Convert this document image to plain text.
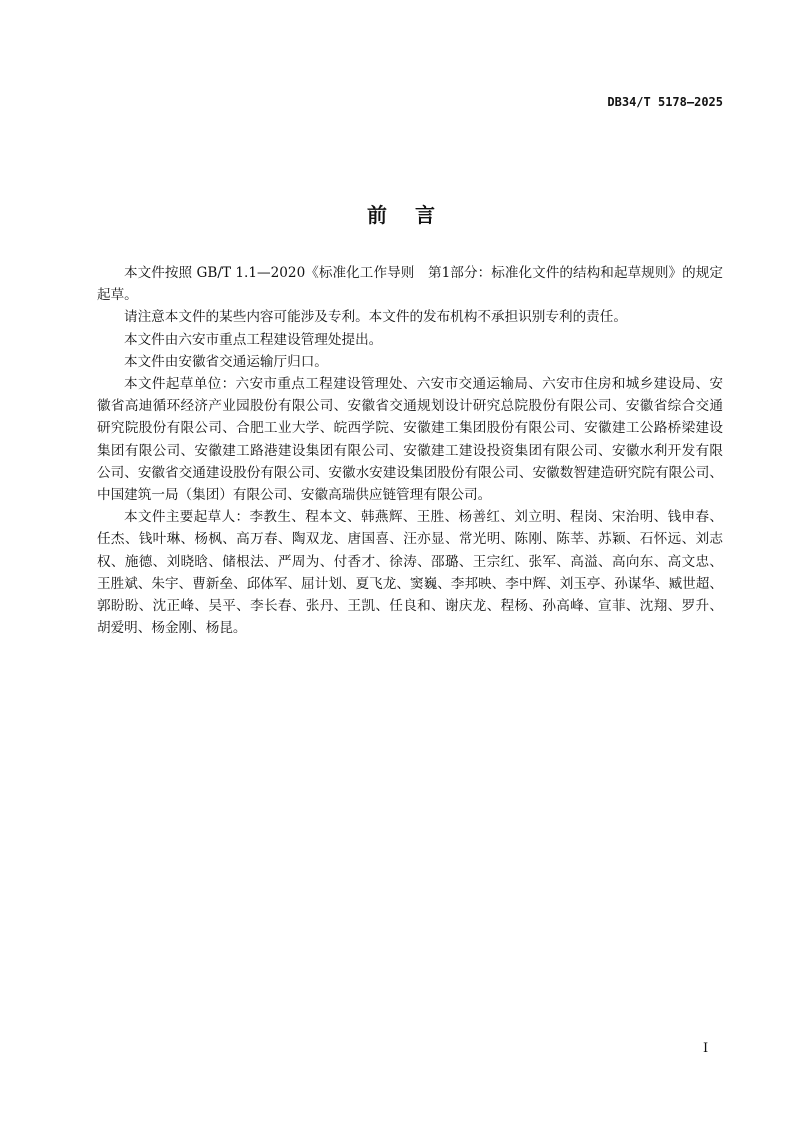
DB34/T 5178—2025
前言
本文件按照 GB/T 1.1—2020《标准化工作导则　第1部分：标准化文件的结构和起草规则》的规定
起草。
请注意本文件的某些内容可能涉及专利。本文件的发布机构不承担识别专利的责任。
本文件由六安市重点工程建设管理处提出。
本文件由安徽省交通运输厅归口。
本文件起草单位：六安市重点工程建设管理处、六安市交通运输局、六安市住房和城乡建设局、安
徽省高迪循环经济产业园股份有限公司、安徽省交通规划设计研究总院股份有限公司、安徽省综合交通
研究院股份有限公司、合肥工业大学、皖西学院、安徽建工集团股份有限公司、安徽建工公路桥梁建设
集团有限公司、安徽建工路港建设集团有限公司、安徽建工建设投资集团有限公司、安徽水利开发有限
公司、安徽省交通建设股份有限公司、安徽水安建设集团股份有限公司、安徽数智建造研究院有限公司、
中国建筑一局（集团）有限公司、安徽高瑞供应链管理有限公司。
本文件主要起草人：李教生、程本文、韩燕辉、王胜、杨善红、刘立明、程岗、宋治明、钱申春、
任杰、钱叶琳、杨枫、高万春、陶双龙、唐国喜、汪亦显、常光明、陈刚、陈莘、苏颖、石怀远、刘志
权、施德、刘晓晗、储根法、严周为、付香才、徐涛、邵璐、王宗红、张军、高溢、高向东、高文忠、
王胜斌、朱宇、曹新垒、邱体军、屈计划、夏飞龙、窦巍、李邦映、李中辉、刘玉亭、孙谋华、臧世超、
郭盼盼、沈正峰、吴平、李长春、张丹、王凯、任良和、谢庆龙、程杨、孙高峰、宣菲、沈翔、罗升、
胡爱明、杨金刚、杨昆。
I
